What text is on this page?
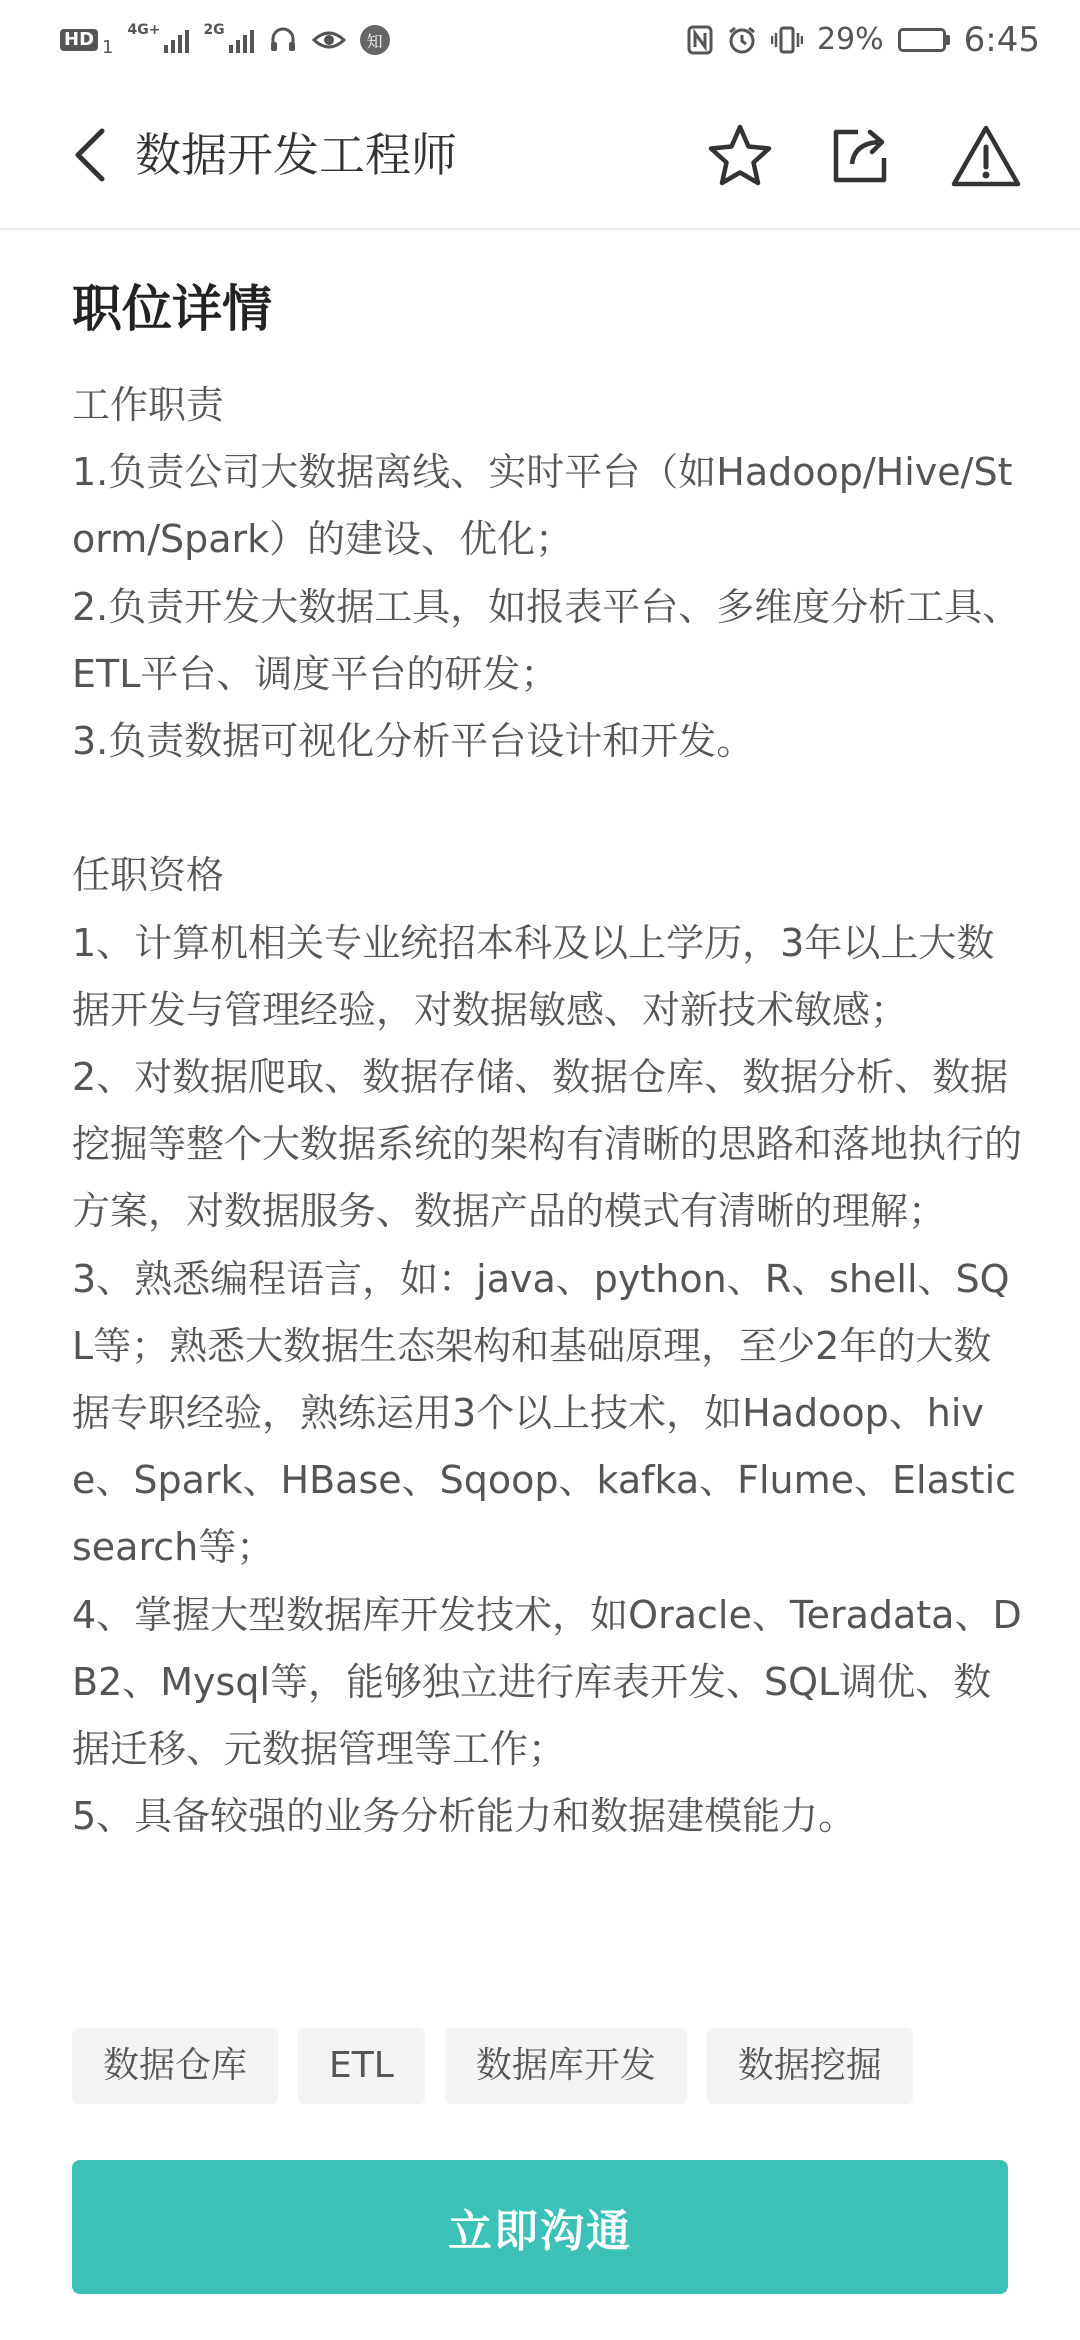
HD 1
4G+	2G
知	29% 6:45
数据开发工程师
职位详情
工作职责
1.负责公司大数据离线、实时平台（如Hadoop/Hive/Storm/Spark）的建设、优化；
2.负责开发大数据工具，如报表平台、多维度分析工具、ETL平台、调度平台的研发；
3.负责数据可视化分析平台设计和开发。

任职资格
1、计算机相关专业统招本科及以上学历，3年以上大数据开发与管理经验，对数据敏感、对新技术敏感；
2、对数据爬取、数据存储、数据仓库、数据分析、数据挖掘等整个大数据系统的架构有清晰的思路和落地执行的方案，对数据服务、数据产品的模式有清晰的理解；
3、熟悉编程语言，如：java、python、R、shell、SQL等；熟悉大数据生态架构和基础原理，至少2年的大数据专职经验，熟练运用3个以上技术，如Hadoop、hive、Spark、HBase、Sqoop、kafka、Flume、Elasticsearch等；
4、掌握大型数据库开发技术，如Oracle、Teradata、DB2、Mysql等，能够独立进行库表开发、SQL调优、数据迁移、元数据管理等工作；
5、具备较强的业务分析能力和数据建模能力。
数据仓库	ETL	数据库开发	数据挖掘
立即沟通
